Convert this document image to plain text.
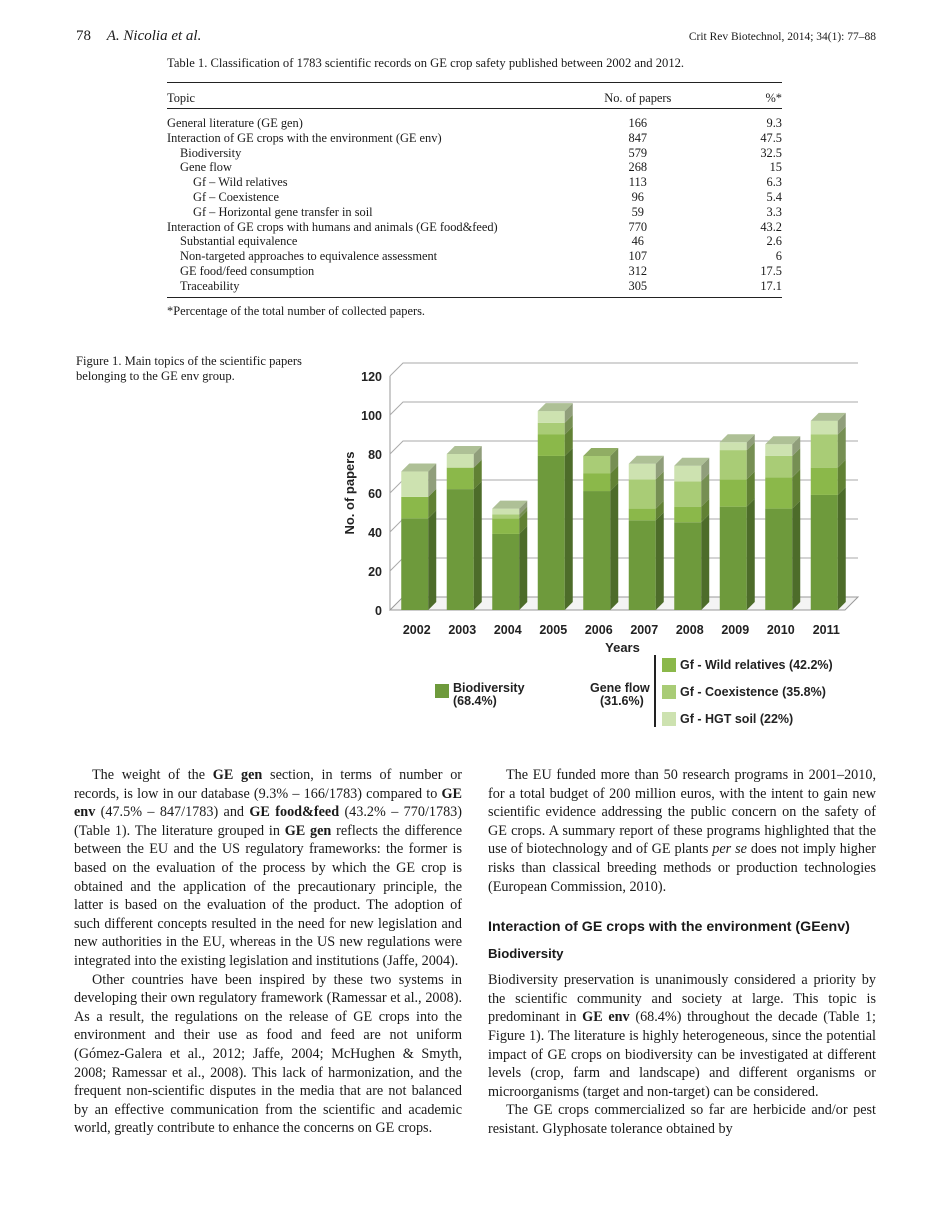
78 A. Nicolia et al.	Crit Rev Biotechnol, 2014; 34(1): 77–88
Table 1. Classification of 1783 scientific records on GE crop safety published between 2002 and 2012.
Topic	No. of papers	%*
General literature (GE gen)	166	9.3
Interaction of GE crops with the environment (GE env)	847	47.5
Biodiversity	579	32.5
Gene flow	268	15
Gf – Wild relatives	113	6.3
Gf – Coexistence	96	5.4
Gf – Horizontal gene transfer in soil	59	3.3
Interaction of GE crops with humans and animals (GE food&feed)	770	43.2
Substantial equivalence	46	2.6
Non-targeted approaches to equivalence assessment	107	6
GE food/feed consumption	312	17.5
Traceability	305	17.1
*Percentage of the total number of collected papers.
Figure 1. Main topics of the scientific papers belonging to the GE env group.
0
20
40
60
80
100
120
No. of papers
2002 2003 2004 2005 2006 2007 2008 2009 2010 2011
Years
Biodiversity (68.4%)
Gene flow
(31.6%)
Gf - Wild relatives (42.2%)
Gf - Coexistence (35.8%)
Gf - HGT soil (22%)

The weight of the GE gen section, in terms of number or records, is low in our database (9.3% – 166/1783) compared to GE env (47.5% – 847/1783) and GE food&feed (43.2% – 770/1783) (Table 1). The literature grouped in GE gen reflects the difference between the EU and the US regulatory frameworks: the former is based on the evaluation of the process by which the GE crop is obtained and the application of the precautionary principle, the latter is based on the evaluation of the product. The adoption of such different concepts resulted in the need for new legislation and new authorities in the EU, whereas in the US new regulations were integrated into the existing legislation and institutions (Jaffe, 2004).

Other countries have been inspired by these two systems in developing their own regulatory framework (Ramessar et al., 2008). As a result, the regulations on the release of GE crops into the environment and their use as food and feed are not uniform (Gómez-Galera et al., 2012; Jaffe, 2004; McHughen & Smyth, 2008; Ramessar et al., 2008). This lack of harmonization, and the frequent non-scientific disputes in the media that are not balanced by an effective communication from the scientific and academic world, greatly contribute to enhance the concerns on GE crops.

The EU funded more than 50 research programs in 2001–2010, for a total budget of 200 million euros, with the intent to gain new scientific evidence addressing the public concern on the safety of GE crops. A summary report of these programs highlighted that the use of biotechnology and of GE plants per se does not imply higher risks than classical breeding methods or production technologies (European Commission, 2010).

Interaction of GE crops with the environment (GEenv)
Biodiversity

Biodiversity preservation is unanimously considered a priority by the scientific community and society at large. This topic is predominant in GE env (68.4%) throughout the decade (Table 1; Figure 1). The literature is highly heterogeneous, since the potential impact of GE crops on biodiversity can be investigated at different levels (crop, farm and landscape) and different organisms or microorganisms (target and non-target) can be considered.

The GE crops commercialized so far are herbicide and/or pest resistant. Glyphosate tolerance obtained by
